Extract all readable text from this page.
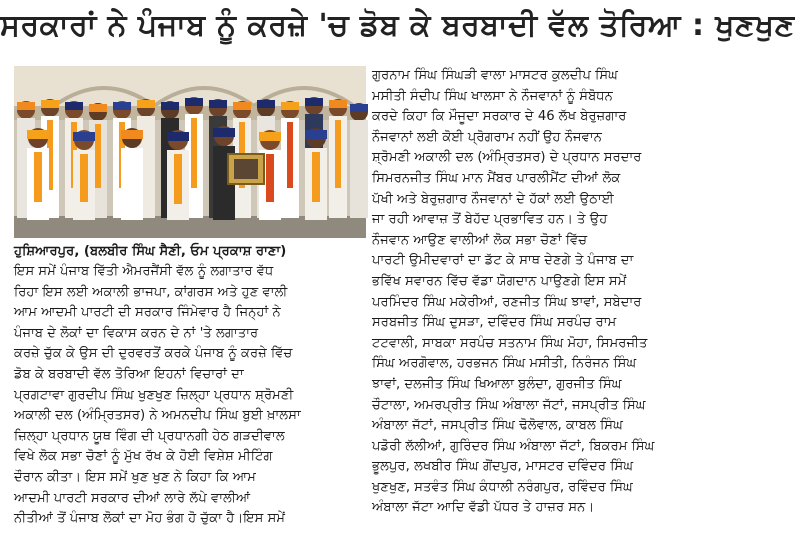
ਸਰਕਾਰਾਂ ਨੇ ਪੰਜਾਬ ਨੂੰ ਕਰਜ਼ੇ 'ਚ ਡੋਬ ਕੇ ਬਰਬਾਦੀ ਵੱਲ ਤੋਰਿਆ : ਖੁਣਖੁਣ

ਹੁਸ਼ਿਆਰਪੁਰ, (ਬਲਬੀਰ ਸਿੰਘ ਸੈਣੀ, ਓਮ ਪ੍ਰਕਾਸ਼ ਰਾਣਾ)

ਇਸ ਸਮੇਂ ਪੰਜਾਬ ਵਿੱਤੀ ਐਮਰਜੈਂਸੀ ਵੱਲ ਨੂੰ ਲਗਾਤਾਰ ਵੱਧ

ਰਿਹਾ ਇਸ ਲਈ ਅਕਾਲੀ ਭਾਜਪਾ, ਕਾਂਗਰਸ ਅਤੇ ਹੁਣ ਵਾਲੀ

ਆਮ ਆਦਮੀ ਪਾਰਟੀ ਦੀ ਸਰਕਾਰ ਜਿੰਮੇਵਾਰ ਹੈ ਜਿਨ੍ਹਾਂ ਨੇ

ਪੰਜਾਬ ਦੇ ਲੋਕਾਂ ਦਾ ਵਿਕਾਸ ਕਰਨ ਦੇ ਨਾਂ 'ਤੇ ਲਗਾਤਾਰ

ਕਰਜ਼ੇ ਚੁੱਕ ਕੇ ਉਸ ਦੀ ਦੁਰਵਰਤੋਂ ਕਰਕੇ ਪੰਜਾਬ ਨੂੰ ਕਰਜ਼ੇ ਵਿੱਚ

ਡੋਬ ਕੇ ਬਰਬਾਦੀ ਵੱਲ ਤੋਰਿਆ ਇਹਨਾਂ ਵਿਚਾਰਾਂ ਦਾ

ਪ੍ਰਗਟਾਵਾ ਗੁਰਦੀਪ ਸਿੰਘ ਖੁਣਖੁਣ ਜ਼ਿਲ੍ਹਾ ਪ੍ਰਧਾਨ ਸ਼੍ਰੋਮਣੀ

ਅਕਾਲੀ ਦਲ (ਅੰਮ੍ਰਿਤਸਰ) ਨੇ ਅਮਨਦੀਪ ਸਿੰਘ ਬੁਈ ਖ਼ਾਲਸਾ

ਜ਼ਿਲ੍ਹਾ ਪ੍ਰਧਾਨ ਯੂਥ ਵਿੰਗ ਦੀ ਪ੍ਰਧਾਨਗੀ ਹੇਠ ਗੜਦੀਵਾਲ

ਵਿਖੇ ਲੋਕ ਸਭਾ ਚੋਣਾਂ ਨੂੰ ਮੁੱਖ ਰੱਖ ਕੇ ਹੋਈ ਵਿਸ਼ੇਸ਼ ਮੀਟਿੰਗ

ਦੌਰਾਨ ਕੀਤਾ। ਇਸ ਸਮੇਂ ਖੁਣ ਖੁਣ ਨੇ ਕਿਹਾ ਕਿ ਆਮ

ਆਦਮੀ ਪਾਰਟੀ ਸਰਕਾਰ ਦੀਆਂ ਲਾਰੇ ਲੱਪੇ ਵਾਲੀਆਂ

ਨੀਤੀਆਂ ਤੋਂ ਪੰਜਾਬ ਲੋਕਾਂ ਦਾ ਮੋਹ ਭੰਗ ਹੋ ਚੁੱਕਾ ਹੈ।ਇਸ ਸਮੇਂ

ਗੁਰਨਾਮ ਸਿੰਘ ਸਿੰਘੜੀ ਵਾਲਾ ਮਾਸਟਰ ਕੁਲਦੀਪ ਸਿੰਘ

ਮਸੀਤੀ ਸੰਦੀਪ ਸਿੰਘ ਖਾਲਸਾ ਨੇ ਨੌਜਵਾਨਾਂ ਨੂੰ ਸੰਬੋਧਨ

ਕਰਦੇ ਕਿਹਾ ਕਿ ਮੌਜੂਦਾ ਸਰਕਾਰ ਦੇ 46 ਲੱਖ ਬੇਰੁਜ਼ਗਾਰ

ਨੌਜਵਾਨਾਂ ਲਈ ਕੋਈ ਪ੍ਰੋਗਰਾਮ ਨਹੀਂ ਉਹ ਨੌਜਵਾਨ

ਸ਼੍ਰੋਮਣੀ ਅਕਾਲੀ ਦਲ (ਅੰਮ੍ਰਿਤਸਰ) ਦੇ ਪ੍ਰਧਾਨ ਸਰਦਾਰ

ਸਿਮਰਨਜੀਤ ਸਿੰਘ ਮਾਨ ਮੈਂਬਰ ਪਾਰਲੀਮੈਂਟ ਦੀਆਂ ਲੋਕ

ਪੱਖੀ ਅਤੇ ਬੇਰੁਜ਼ਗਾਰ ਨੌਜਵਾਨਾਂ ਦੇ ਹੱਕਾਂ ਲਈ ਉਠਾਈ

ਜਾ ਰਹੀ ਆਵਾਜ਼ ਤੋਂ ਬੇਹੱਦ ਪ੍ਰਭਾਵਿਤ ਹਨ। ਤੇ ਉਹ

ਨੌਜਵਾਨ ਆਉਣ ਵਾਲੀਆਂ ਲੋਕ ਸਭਾ ਚੋਣਾਂ ਵਿੱਚ

ਪਾਰਟੀ ਉਮੀਦਵਾਰਾਂ ਦਾ ਡੱਟ ਕੇ ਸਾਥ ਦੇਣਗੇ ਤੇ ਪੰਜਾਬ ਦਾ

ਭਵਿੱਖ ਸਵਾਰਨ ਵਿੱਚ ਵੱਡਾ ਯੋਗਦਾਨ ਪਾਉਣਗੇ ਇਸ ਸਮੇਂ

ਪਰਮਿੰਦਰ ਸਿੰਘ ਮਕੇਰੀਆਂ, ਰਣਜੀਤ ਸਿੰਘ ਝਾਵਾਂ, ਸਬੇਦਾਰ

ਸਰਬਜੀਤ ਸਿੰਘ ਦੁਸੜਾ, ਦਵਿੰਦਰ ਸਿੰਘ ਸਰਪੰਚ ਰਾਮ

ਟਟਵਾਲੀ, ਸਾਬਕਾ ਸਰਪੰਚ ਸਤਨਾਮ ਸਿੰਘ ਮੋਹਾ, ਸਿਮਰਜੀਤ

ਸਿੰਘ ਅਰਗੋਵਾਲ, ਹਰਭਜਨ ਸਿੰਘ ਮਸੀਤੀ, ਨਿਰੰਜਨ ਸਿੰਘ

ਝਾਵਾਂ, ਦਲਜੀਤ ਸਿੰਘ ਖਿਆਲਾ ਬੁਲੰਦਾ, ਗੁਰਜੀਤ ਸਿੰਘ

ਚੌਟਾਲਾ, ਅਮਰਪ੍ਰੀਤ ਸਿੰਘ ਅੰਬਾਲਾ ਜੱਟਾਂ, ਜਸਪ੍ਰੀਤ ਸਿੰਘ

ਅੰਬਾਲਾ ਜੱਟਾਂ, ਜਸਪ੍ਰੀਤ ਸਿੰਘ ਢੋਲੋਵਾਲ, ਕਾਬਲ ਸਿੰਘ

ਪਡੋਰੀ ਲੱਲੀਆਂ, ਗੁਰਿੰਦਰ ਸਿੰਘ ਅੰਬਾਲਾ ਜੱਟਾਂ, ਬਿਕਰਮ ਸਿੰਘ

ਭੂਲਪੁਰ, ਲਖਬੀਰ ਸਿੰਘ ਗੋਂਦਪੁਰ, ਮਾਸਟਰ ਦਵਿੰਦਰ ਸਿੰਘ

ਖੁਣਖੁਣ, ਸਤਵੰਤ ਸਿੰਘ ਕੰਧਾਲੀ ਨਰੰਗਪੁਰ, ਰਵਿੰਦਰ ਸਿੰਘ

ਅੰਬਾਲਾ ਜੱਟਾ ਆਦਿ ਵੱਡੀ ਪੱਧਰ ਤੇ ਹਾਜ਼ਰ ਸਨ।
